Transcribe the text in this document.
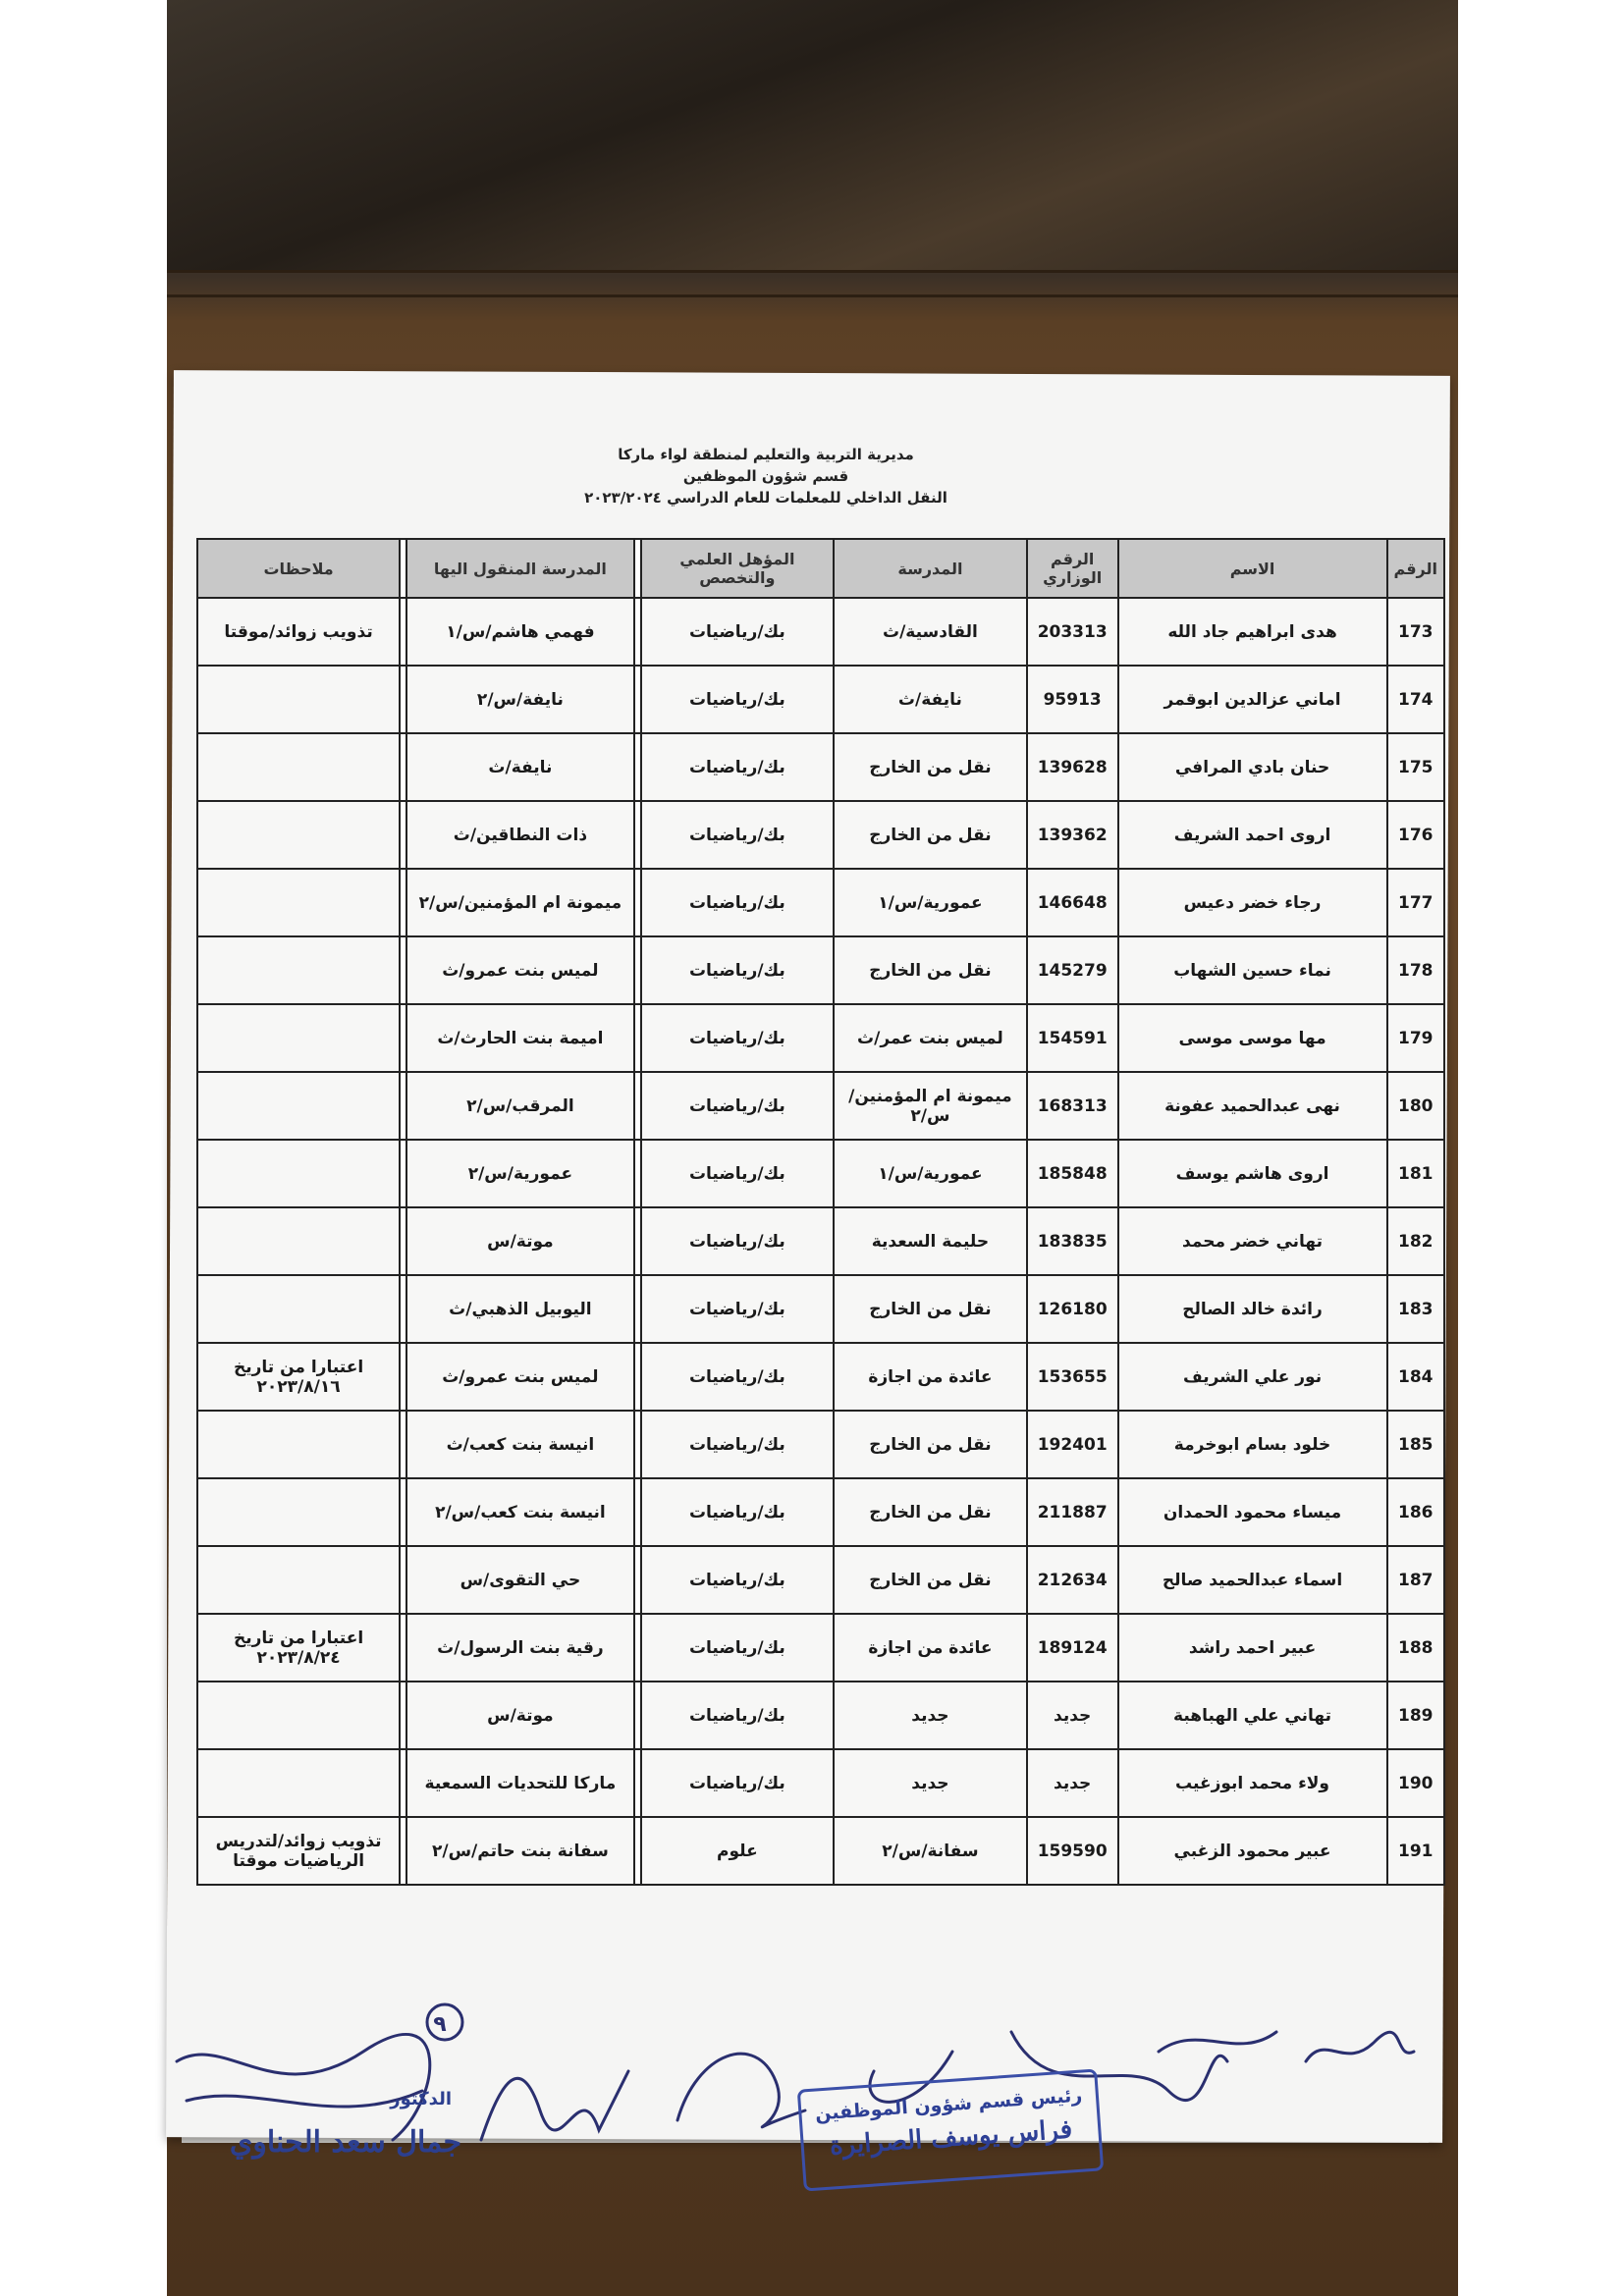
مديرية التربية والتعليم لمنطقة لواء ماركا
قسم شؤون الموظفين
النقل الداخلي للمعلمات للعام الدراسي ٢٠٢٣/٢٠٢٤
الرقم	الاسم	الرقم الوزاري	المدرسة	المؤهل العلمي والتخصص		المدرسة المنقول اليها		ملاحظات
173	هدى ابراهيم جاد الله	203313	القادسية/ث	بك/رياضيات		فهمي هاشم/س/١		تذويب زوائد/موقتا
174	اماني عزالدين ابوقمر	95913	نايفة/ث	بك/رياضيات		نايفة/س/٢		
175	حنان بادي المرافي	139628	نقل من الخارج	بك/رياضيات		نايفة/ث		
176	اروى احمد الشريف	139362	نقل من الخارج	بك/رياضيات		ذات النطاقين/ث		
177	رجاء خضر دعيس	146648	عمورية/س/١	بك/رياضيات		ميمونة ام المؤمنين/س/٢		
178	نماء حسين الشهاب	145279	نقل من الخارج	بك/رياضيات		لميس بنت عمرو/ث		
179	مها موسى موسى	154591	لميس بنت عمر/ث	بك/رياضيات		اميمة بنت الحارث/ث		
180	نهى عبدالحميد عفونة	168313	ميمونة ام المؤمنين/س/٢	بك/رياضيات		المرقب/س/٢		
181	اروى هاشم يوسف	185848	عمورية/س/١	بك/رياضيات		عمورية/س/٢		
182	تهاني خضر محمد	183835	حليمة السعدية	بك/رياضيات		موتة/س		
183	رائدة خالد الصالح	126180	نقل من الخارج	بك/رياضيات		اليوبيل الذهبي/ث		
184	نور علي الشريف	153655	عائدة من اجازة	بك/رياضيات		لميس بنت عمرو/ث		اعتبارا من تاريخ ٢٠٢٣/٨/١٦
185	خلود بسام ابوخرمة	192401	نقل من الخارج	بك/رياضيات		انيسة بنت كعب/ث		
186	ميساء محمود الحمدان	211887	نقل من الخارج	بك/رياضيات		انيسة بنت كعب/س/٢		
187	اسماء عبدالحميد صالح	212634	نقل من الخارج	بك/رياضيات		حي التقوى/س		
188	عبير احمد راشد	189124	عائدة من اجازة	بك/رياضيات		رقية بنت الرسول/ث		اعتبارا من تاريخ ٢٠٢٣/٨/٢٤
189	تهاني علي الهباهبة	جديد	جديد	بك/رياضيات		موتة/س		
190	ولاء محمد ابوزغيب	جديد	جديد	بك/رياضيات		ماركا للتحديات السمعية		
191	عبير محمود الزغبي	159590	سفانة/س/٢	علوم		سفانة بنت حاتم/س/٢		تذويب زوائد/لتدريس الرياضيات موقتا
٩
الدكتور
جمال سعد الحناوي
رئيس قسم شؤون الموظفين
فراس يوسف الصرايرة
